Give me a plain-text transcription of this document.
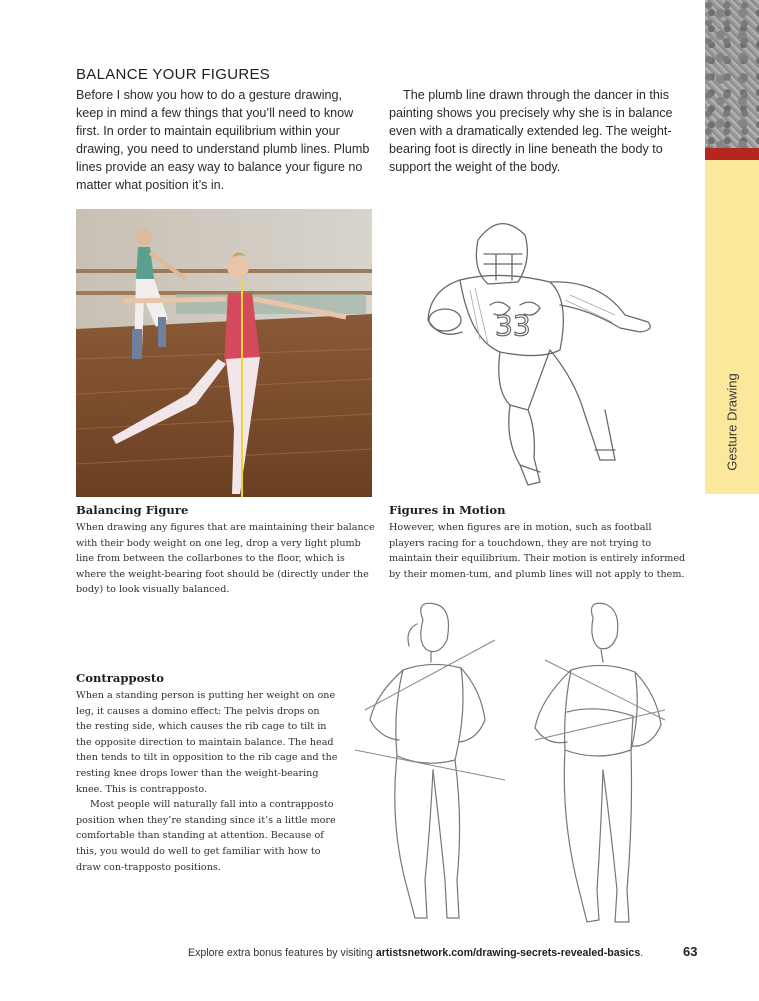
Gesture Drawing
BALANCE YOUR FIGURES
Before I show you how to do a gesture drawing, keep in mind a few things that you’ll need to know first. In order to maintain equilibrium within your drawing, you need to understand plumb lines. Plumb lines provide an easy way to balance your figure no matter what position it’s in.
The plumb line drawn through the dancer in this painting shows you precisely why she is in balance even with a dramatically extended leg. The weight-bearing foot is directly in line beneath the body to support the weight of the body.
33
Balancing Figure
When drawing any figures that are maintaining their balance with their body weight on one leg, drop a very light plumb line from between the collarbones to the floor, which is where the weight-bearing foot should be (directly under the body) to look visually balanced.
Figures in Motion
However, when figures are in motion, such as football players racing for a touchdown, they are not trying to maintain their equilibrium. Their motion is entirely informed by their momen-tum, and plumb lines will not apply to them.
Contrapposto

When a standing person is putting her weight on one leg, it causes a domino effect: The pelvis drops on the resting side, which causes the rib cage to tilt in the opposite direction to maintain balance. The head then tends to tilt in opposition to the rib cage and the resting knee drops lower than the weight-bearing knee. This is contrapposto.

Most people will naturally fall into a contrapposto position when they’re standing since it’s a little more comfortable than standing at attention. Because of this, you would do well to get familiar with how to draw con-trapposto positions.

Explore extra bonus features by visiting artistsnetwork.com/drawing-secrets-revealed-basics.	63
